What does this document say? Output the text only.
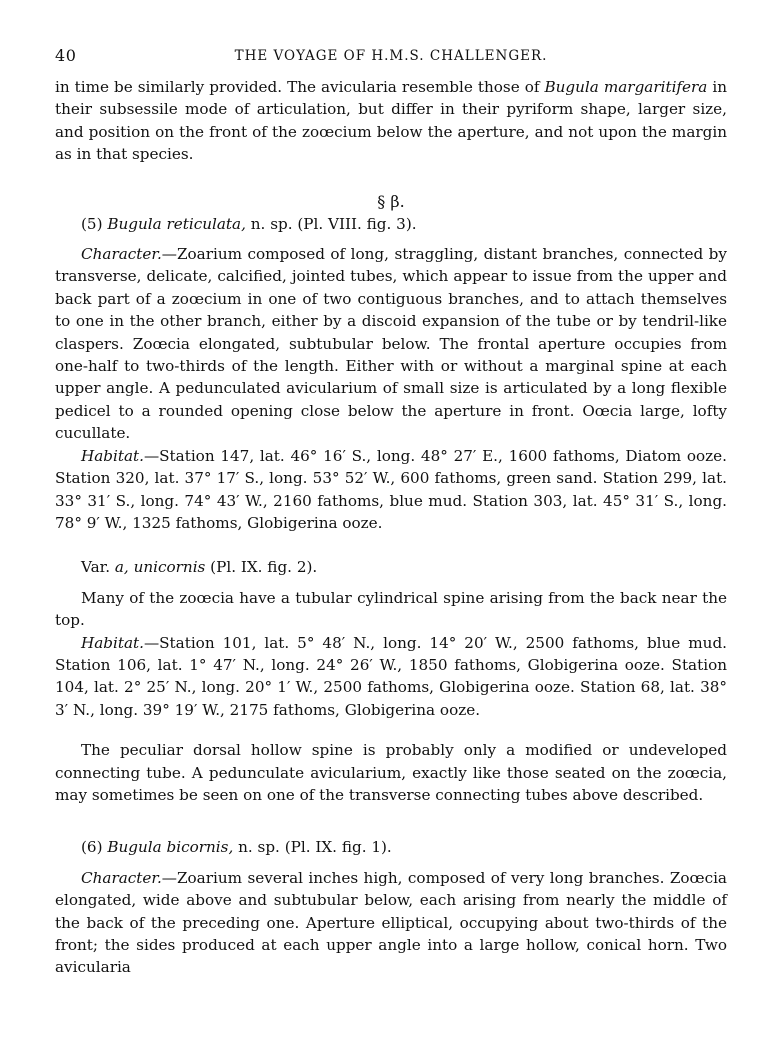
40	THE VOYAGE OF H.M.S. CHALLENGER.

in time be similarly provided. The avicularia resemble those of Bugula margaritifera in their subsessile mode of articulation, but differ in their pyriform shape, larger size, and position on the front of the zoœcium below the aperture, and not upon the margin as in that species.

§ β.

(5) Bugula reticulata, n. sp. (Pl. VIII. fig. 3).

Character.—Zoarium composed of long, straggling, distant branches, connected by transverse, delicate, calcified, jointed tubes, which appear to issue from the upper and back part of a zoœcium in one of two contiguous branches, and to attach themselves to one in the other branch, either by a discoid expansion of the tube or by tendril-like claspers. Zoœcia elongated, subtubular below. The frontal aperture occupies from one-half to two-thirds of the length. Either with or without a marginal spine at each upper angle. A pedunculated avicularium of small size is articulated by a long flexible pedicel to a rounded opening close below the aperture in front. Oœcia large, lofty cucullate.

Habitat.—Station 147, lat. 46° 16′ S., long. 48° 27′ E., 1600 fathoms, Diatom ooze. Station 320, lat. 37° 17′ S., long. 53° 52′ W., 600 fathoms, green sand. Station 299, lat. 33° 31′ S., long. 74° 43′ W., 2160 fathoms, blue mud. Station 303, lat. 45° 31′ S., long. 78° 9′ W., 1325 fathoms, Globigerina ooze.

Var. a, unicornis (Pl. IX. fig. 2).

Many of the zoœcia have a tubular cylindrical spine arising from the back near the top.

Habitat.—Station 101, lat. 5° 48′ N., long. 14° 20′ W., 2500 fathoms, blue mud. Station 106, lat. 1° 47′ N., long. 24° 26′ W., 1850 fathoms, Globigerina ooze. Station 104, lat. 2° 25′ N., long. 20° 1′ W., 2500 fathoms, Globigerina ooze. Station 68, lat. 38° 3′ N., long. 39° 19′ W., 2175 fathoms, Globigerina ooze.

The peculiar dorsal hollow spine is probably only a modified or undeveloped connecting tube. A pedunculate avicularium, exactly like those seated on the zoœcia, may sometimes be seen on one of the transverse connecting tubes above described.

(6) Bugula bicornis, n. sp. (Pl. IX. fig. 1).

Character.—Zoarium several inches high, composed of very long branches. Zoœcia elongated, wide above and subtubular below, each arising from nearly the middle of the back of the preceding one. Aperture elliptical, occupying about two-thirds of the front; the sides produced at each upper angle into a large hollow, conical horn. Two avicularia
